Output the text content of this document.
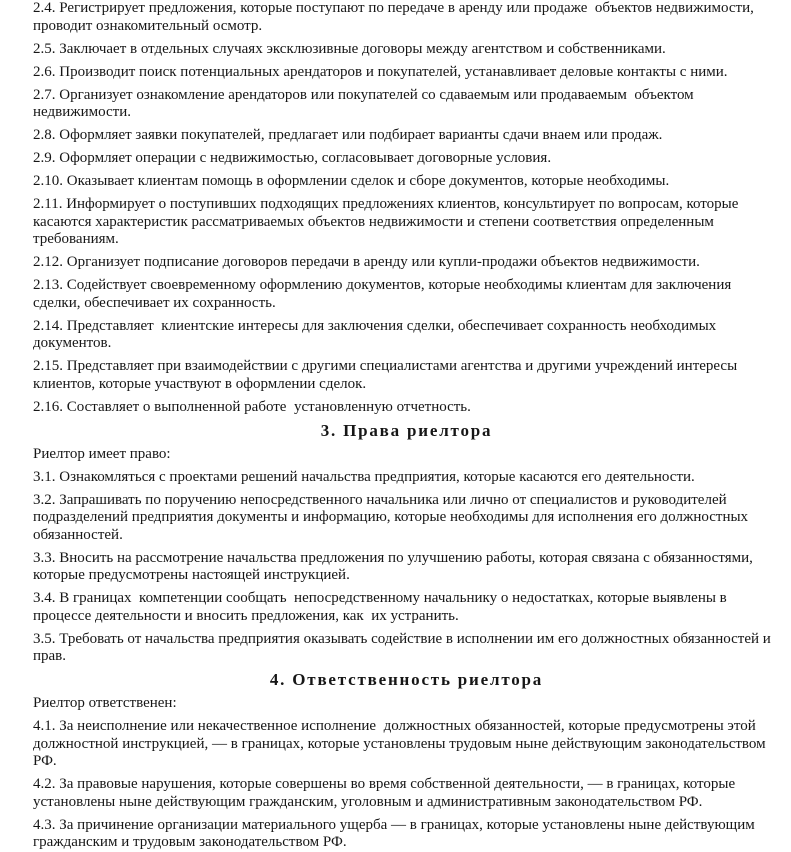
2.4. Регистрирует предложения, которые поступают по передаче в аренду или продаже  объектов недвижимости, проводит ознакомительный осмотр.

2.5. Заключает в отдельных случаях эксклюзивные договоры между агентством и собственниками.

2.6. Производит поиск потенциальных арендаторов и покупателей, устанавливает деловые контакты с ними.

2.7. Организует ознакомление арендаторов или покупателей со сдаваемым или продаваемым  объектом недвижимости.

2.8. Оформляет заявки покупателей, предлагает или подбирает варианты сдачи внаем или продаж.

2.9. Оформляет операции с недвижимостью, согласовывает договорные условия.

2.10. Оказывает клиентам помощь в оформлении сделок и сборе документов, которые необходимы.

2.11. Информирует о поступивших подходящих предложениях клиентов, консультирует по вопросам, которые касаются характеристик рассматриваемых объектов недвижимости и степени соответствия определенным требованиям.

2.12. Организует подписание договоров передачи в аренду или купли-продажи объектов недвижимости.

2.13. Содействует своевременному оформлению документов, которые необходимы клиентам для заключения сделки, обеспечивает их сохранность.

2.14. Представляет  клиентские интересы для заключения сделки, обеспечивает сохранность необходимых документов.

2.15. Представляет при взаимодействии с другими специалистами агентства и другими учреждений интересы клиентов, которые участвуют в оформлении сделок.

2.16. Составляет о выполненной работе  установленную отчетность.

3. Права риелтора

Риелтор имеет право:

3.1. Ознакомляться с проектами решений начальства предприятия, которые касаются его деятельности.

3.2. Запрашивать по поручению непосредственного начальника или лично от специалистов и руководителей подразделений предприятия документы и информацию, которые необходимы для исполнения его должностных обязанностей.

3.3. Вносить на рассмотрение начальства предложения по улучшению работы, которая связана с обязанностями, которые предусмотрены настоящей инструкцией.

3.4. В границах  компетенции сообщать  непосредственному начальнику о недостатках, которые выявлены в процессе деятельности и вносить предложения, как  их устранить.

3.5. Требовать от начальства предприятия оказывать содействие в исполнении им его должностных обязанностей и прав.

4. Ответственность риелтора

Риелтор ответственен:

4.1. За неисполнение или некачественное исполнение  должностных обязанностей, которые предусмотрены этой должностной инструкцией, — в границах, которые установлены трудовым ныне действующим законодательством РФ.

4.2. За правовые нарушения, которые совершены во время собственной деятельности, — в границах, которые установлены ныне действующим гражданским, уголовным и административным законодательством РФ.

4.3. За причинение организации материального ущерба — в границах, которые установлены ныне действующим гражданским и трудовым законодательством РФ.
